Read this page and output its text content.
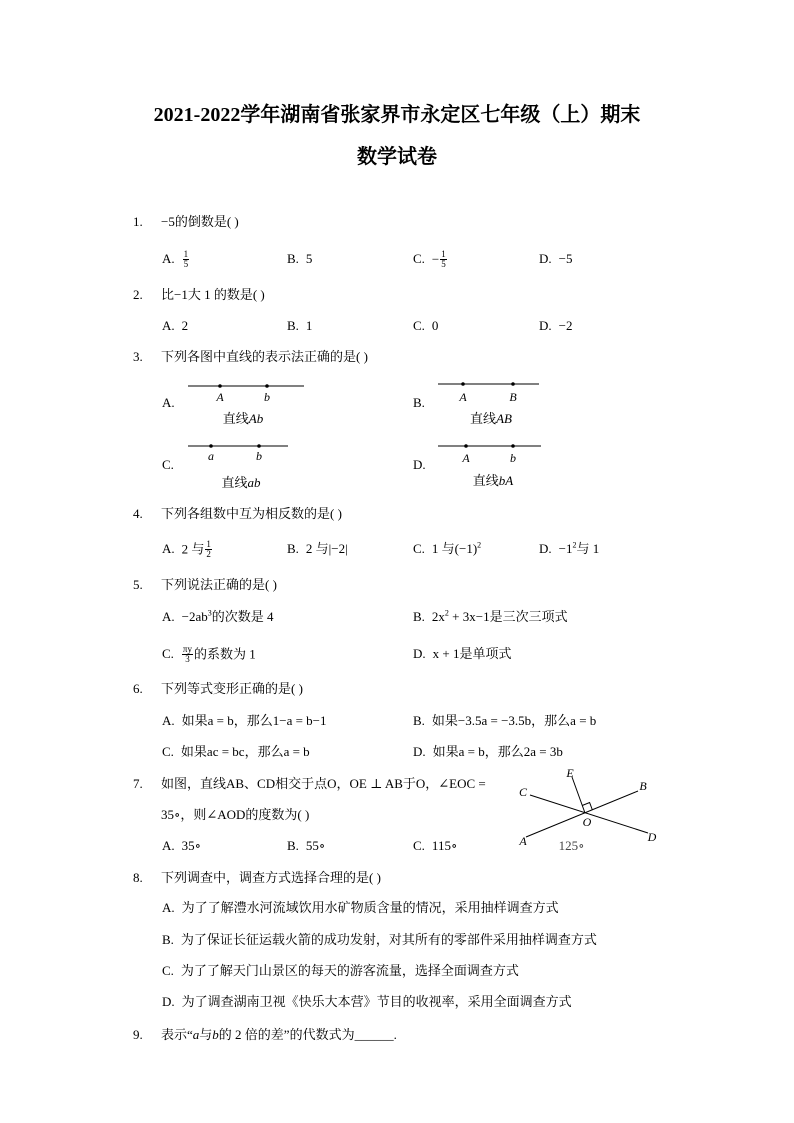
2021-2022学年湖南省张家界市永定区七年级（上）期末
数学试卷
1. −5的倒数是( )
A. $\frac{1}{5}$	B. 5	C. − $\frac{1}{5}$	D. −5
2. 比−1大 1 的数是( )
A. 2	B. 1	C. 0	D. −2
3. 下列各图中直线的表示法正确的是( )
A.	B.
C.	D.
A	b
直线Ab
A	B
直线AB
a	b
直线ab
A	b
直线bA
4. 下列各组数中互为相反数的是( )
A. 2 与 $\frac{1}{2}$	B. 2 与|−2|	C. 1 与$(-1)^2$	D. $-1^2$与 1
5. 下列说法正确的是( )
A. $-2ab^3$的次数是 4	B. $2x^2 + 3x-1$是三次三项式
C. $\frac{\pi y}{3}$ 的系数为 1	D. x + 1是单项式
6. 下列等式变形正确的是( )
A. 如果a = b，那么1−a = b−1	B. 如果−3.5a = −3.5b，那么a = b
C. 如果ac = bc，那么a = b	D. 如果a = b，那么2a = 3b
7. 如图，直线AB、CD相交于点O，OE ⊥ AB于O，∠EOC =
35∘，则∠AOD的度数为( )
A. 35∘	B. 55∘	C. 115∘	125∘
E
B
C
O
D
A
8. 下列调查中，调查方式选择合理的是( )
A. 为了了解澧水河流域饮用水矿物质含量的情况，采用抽样调查方式
B. 为了保证长征运载火箭的成功发射，对其所有的零部件采用抽样调查方式
C. 为了了解天门山景区的每天的游客流量，选择全面调查方式
D. 为了调查湖南卫视《快乐大本营》节目的收视率，采用全面调查方式
9. 表示“a与b的 2 倍的差”的代数式为______.
